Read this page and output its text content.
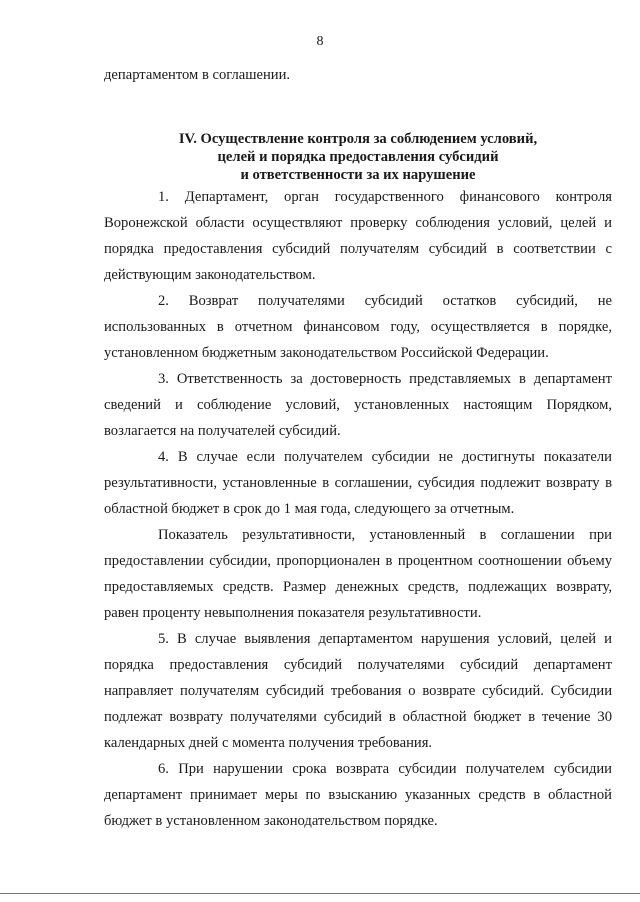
8

департаментом в соглашении.

IV. Осуществление контроля за соблюдением условий,
целей и порядка предоставления субсидий
и ответственности за их нарушение

1. Департамент, орган государственного финансового контроля Воронежской области осуществляют проверку соблюдения условий, целей и порядка предоставления субсидий получателям субсидий в соответствии с действующим законодательством.

2. Возврат получателями субсидий остатков субсидий, не использованных в отчетном финансовом году, осуществляется в порядке, установленном бюджетным законодательством Российской Федерации.

3. Ответственность за достоверность представляемых в департамент сведений и соблюдение условий, установленных настоящим Порядком, возлагается на получателей субсидий.

4. В случае если получателем субсидии не достигнуты показатели результативности, установленные в соглашении, субсидия подлежит возврату в областной бюджет в срок до 1 мая года, следующего за отчетным.

Показатель результативности, установленный в соглашении при предоставлении субсидии, пропорционален в процентном соотношении объему предоставляемых средств. Размер денежных средств, подлежащих возврату, равен проценту невыполнения показателя результативности.

5. В случае выявления департаментом нарушения условий, целей и порядка предоставления субсидий получателями субсидий департамент направляет получателям субсидий требования о возврате субсидий. Субсидии подлежат возврату получателями субсидий в областной бюджет в течение 30 календарных дней с момента получения требования.

6. При нарушении срока возврата субсидии получателем субсидии департамент принимает меры по взысканию указанных средств в областной бюджет в установленном законодательством порядке.
